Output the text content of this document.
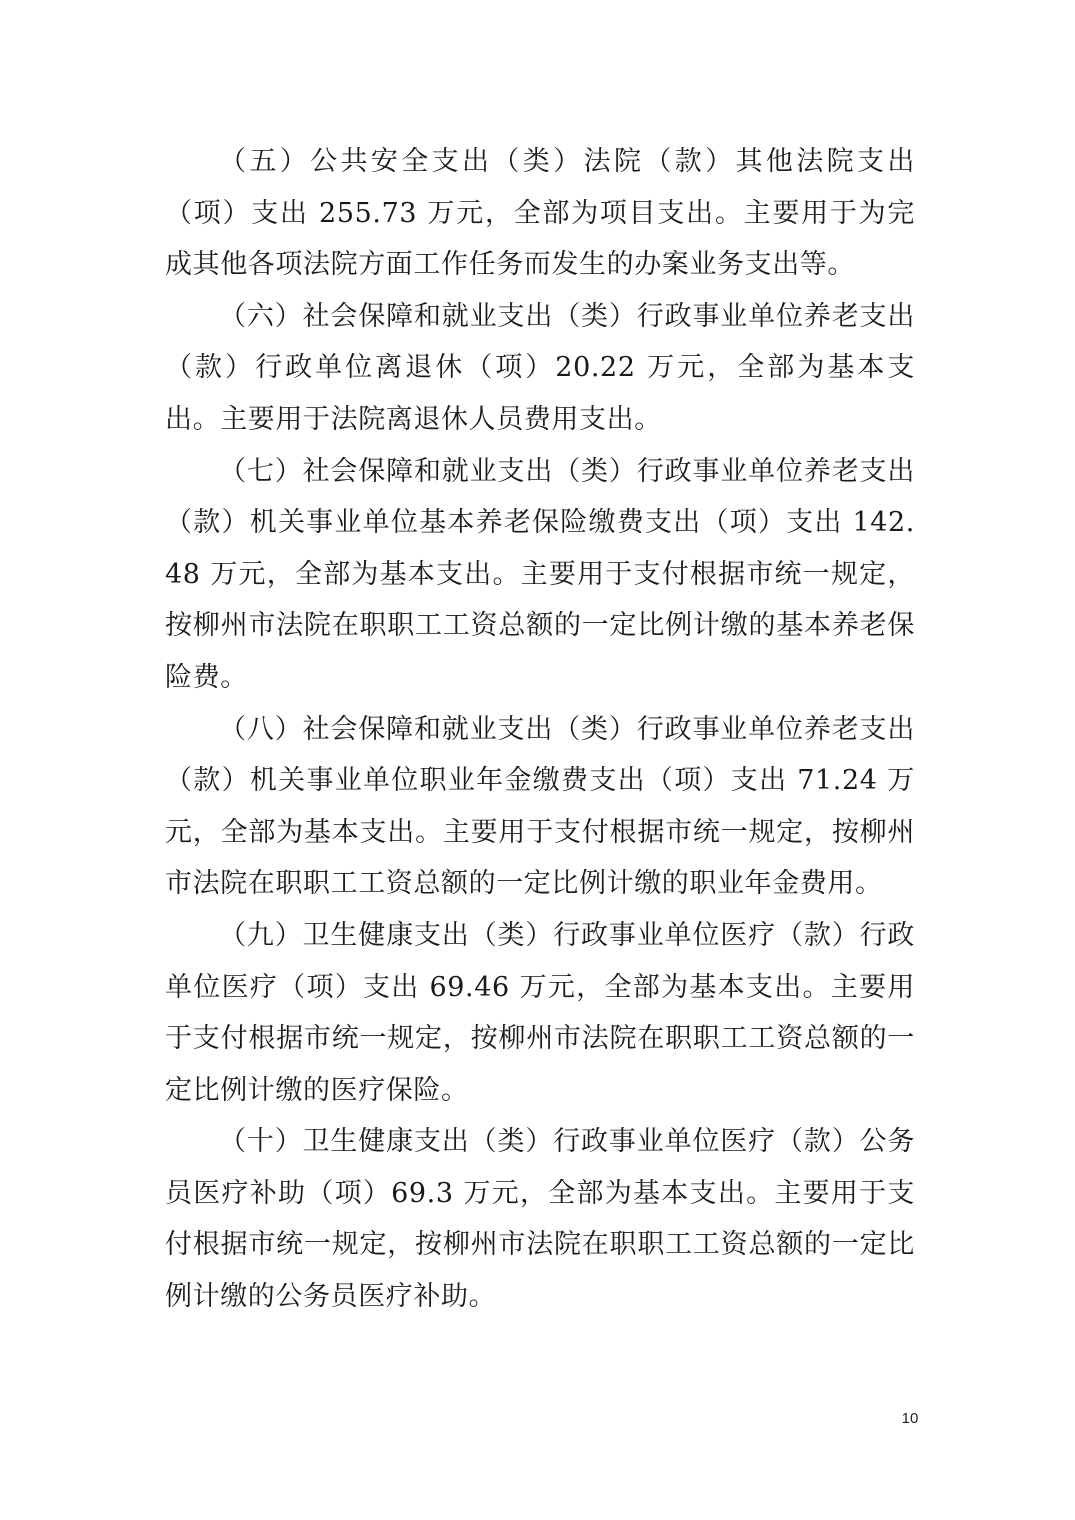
（五）公共安全支出（类）法院（款）其他法院支出（项）支出 255.73 万元，全部为项目支出。主要用于为完成其他各项法院方面工作任务而发生的办案业务支出等。

（六）社会保障和就业支出（类）行政事业单位养老支出（款）行政单位离退休（项）20.22 万元，全部为基本支出。主要用于法院离退休人员费用支出。

（七）社会保障和就业支出（类）行政事业单位养老支出（款）机关事业单位基本养老保险缴费支出（项）支出 142.48 万元，全部为基本支出。主要用于支付根据市统一规定，按柳州市法院在职职工工资总额的一定比例计缴的基本养老保险费。

（八）社会保障和就业支出（类）行政事业单位养老支出（款）机关事业单位职业年金缴费支出（项）支出 71.24 万元，全部为基本支出。主要用于支付根据市统一规定，按柳州市法院在职职工工资总额的一定比例计缴的职业年金费用。

（九）卫生健康支出（类）行政事业单位医疗（款）行政单位医疗（项）支出 69.46 万元，全部为基本支出。主要用于支付根据市统一规定，按柳州市法院在职职工工资总额的一定比例计缴的医疗保险。

（十）卫生健康支出（类）行政事业单位医疗（款）公务员医疗补助（项）69.3 万元，全部为基本支出。主要用于支付根据市统一规定，按柳州市法院在职职工工资总额的一定比例计缴的公务员医疗补助。

10
